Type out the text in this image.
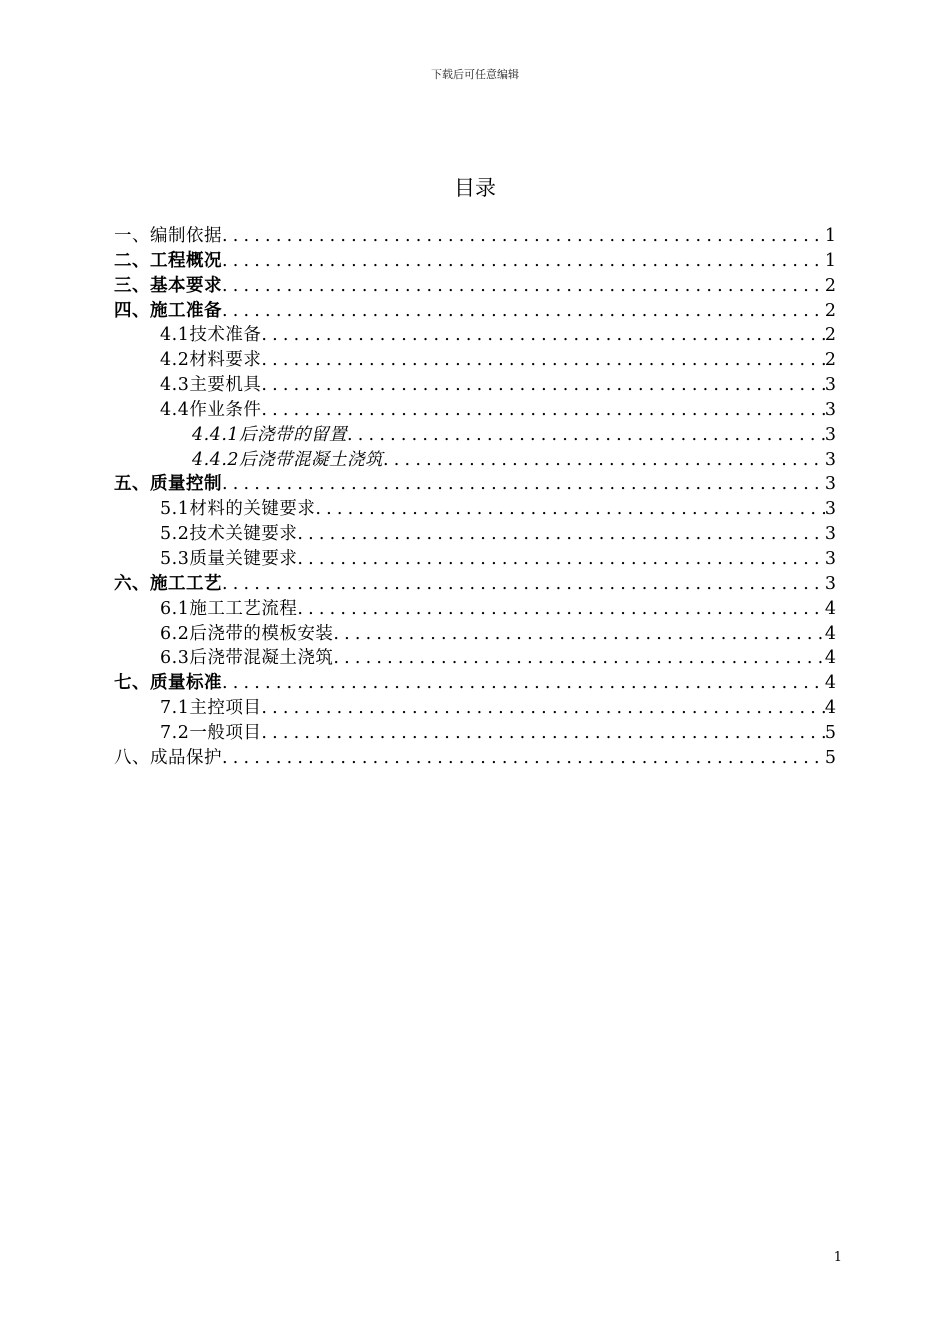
下载后可任意编辑
目录
一、编制依据 .....	1
二、工程概况 .....	1
三、基本要求 .....	2
四、施工准备 .....	2
4.1技术准备 .....	2
4.2材料要求 .....	2
4.3主要机具 .....	3
4.4作业条件 .....	3
4.4.1后浇带的留置 .....	3
4.4.2后浇带混凝土浇筑 .....	3
五、质量控制 .....	3
5.1材料的关键要求 .....	3
5.2技术关键要求 .....	3
5.3质量关键要求 .....	3
六、施工工艺 .....	3
6.1施工工艺流程 .....	4
6.2后浇带的模板安装 .....	4
6.3后浇带混凝土浇筑 .....	4
七、质量标准 .....	4
7.1主控项目 .....	4
7.2一般项目 .....	5
八、成品保护 .....	5
1
